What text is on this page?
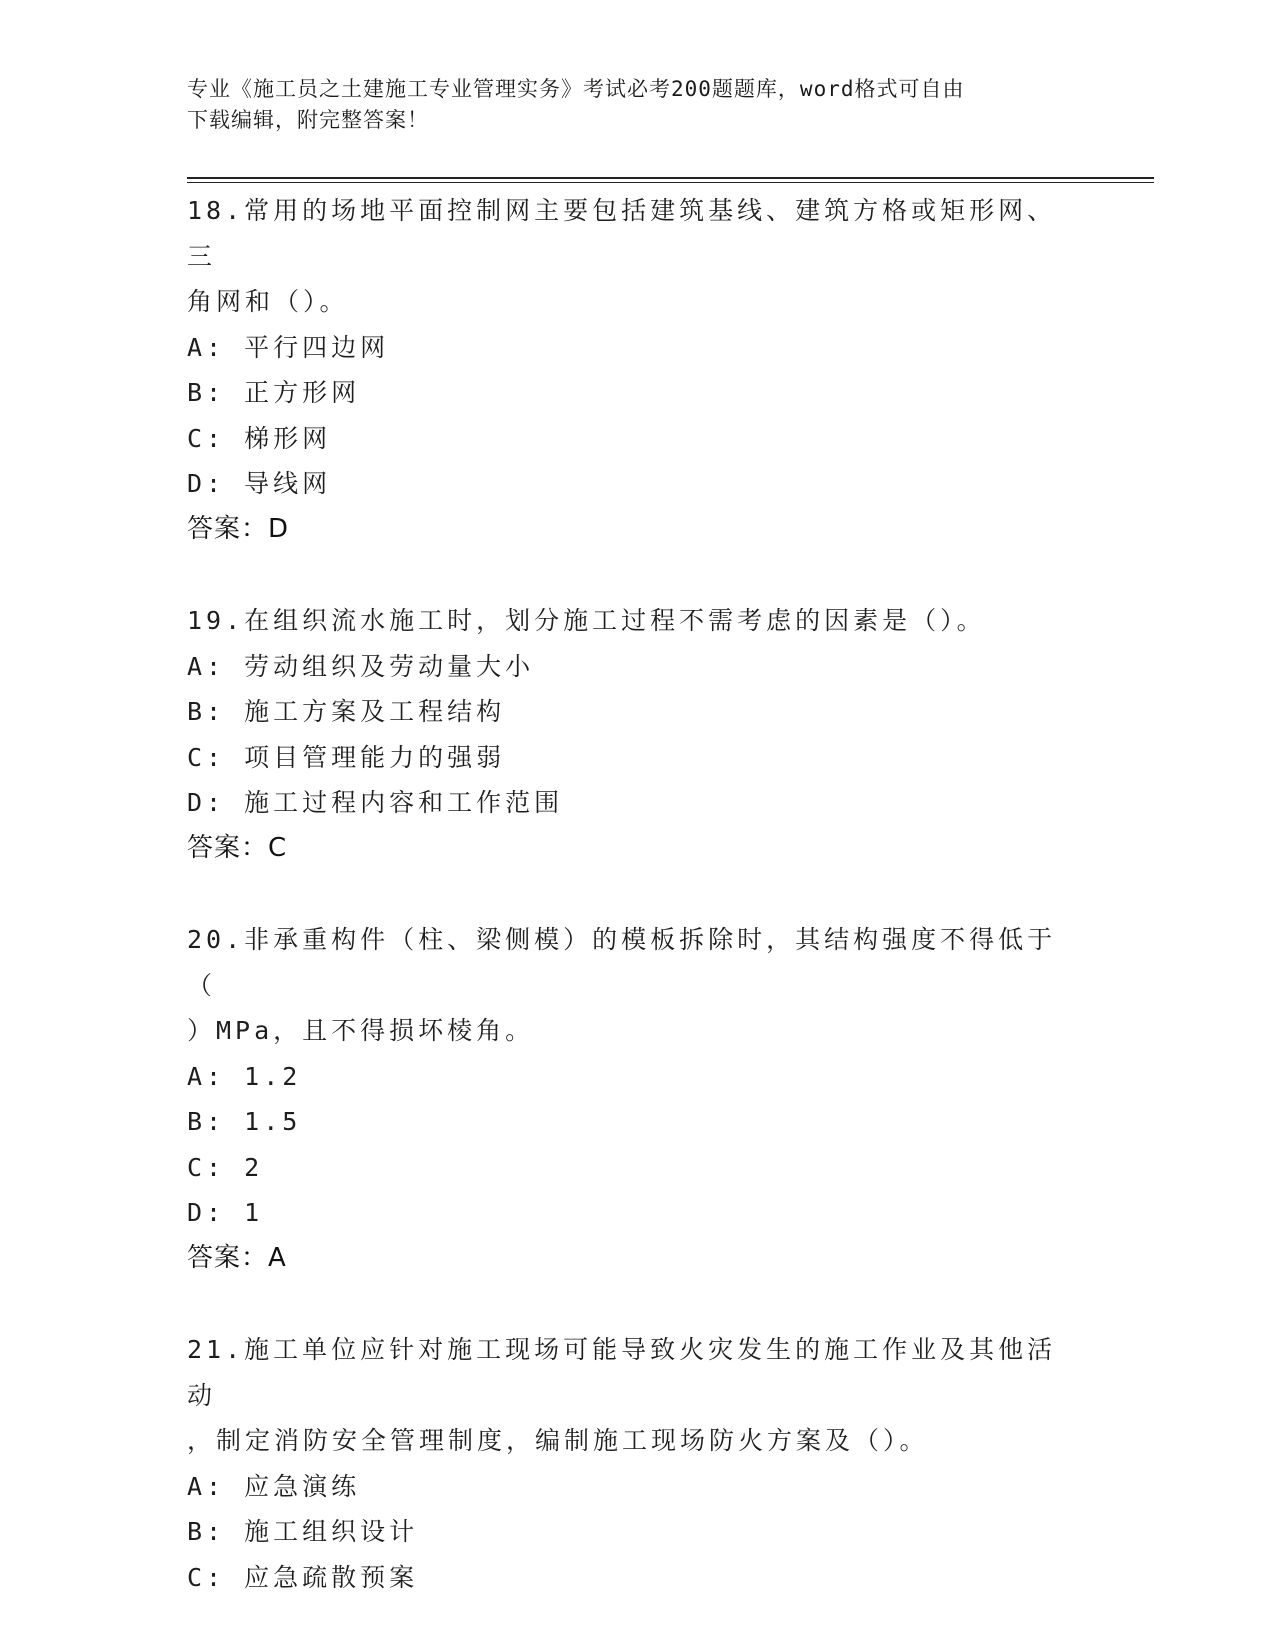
专业《施工员之土建施工专业管理实务》考试必考200题题库，word格式可自由
下载编辑，附完整答案！
18.常用的场地平面控制网主要包括建筑基线、建筑方格或矩形网、三
角网和（）。
A: 平行四边网
B: 正方形网
C: 梯形网
D: 导线网
答案：D
19.在组织流水施工时，划分施工过程不需考虑的因素是（）。
A: 劳动组织及劳动量大小
B: 施工方案及工程结构
C: 项目管理能力的强弱
D: 施工过程内容和工作范围
答案：C
20.非承重构件（柱、梁侧模）的模板拆除时，其结构强度不得低于（
）MPa，且不得损坏棱角。
A: 1.2
B: 1.5
C: 2
D: 1
答案：A
21.施工单位应针对施工现场可能导致火灾发生的施工作业及其他活动
，制定消防安全管理制度，编制施工现场防火方案及（）。
A: 应急演练
B: 施工组织设计
C: 应急疏散预案
